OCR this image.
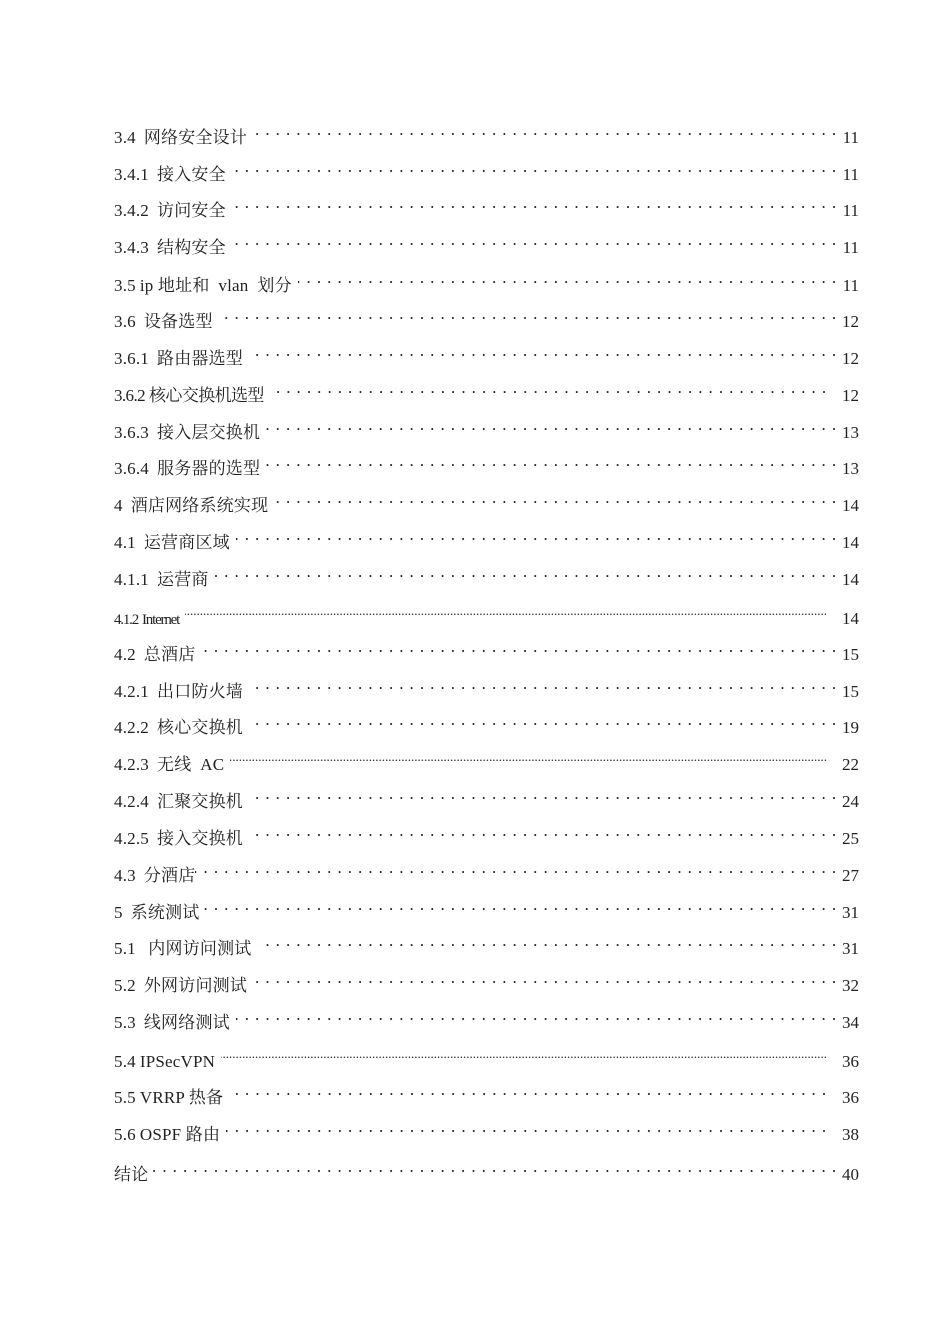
3.4 网络安全设计 . . .	11
3.4.1 接入安全 . . .	11
3.4.2 访问安全 . . .	11
3.4.3 结构安全 . . .	11
3.5 ip 地址和  vlan  划分 . . .	11
3.6 设备选型 . . .	12
3.6.1 路由器选型 . . .	12
3.6.2 核心交换机选型 . . .	12
3.6.3 接入层交换机 . . .	13
3.6.4 服务器的选型 . . .	13
4 酒店网络系统实现 . . .	14
4.1 运营商区域 . . .	14
4.1.1 运营商 . . .	14
4.1.2 Internet .....	14
4.2 总酒店 . . .	15
4.2.1 出口防火墙 . . .	15
4.2.2 核心交换机 . . .	19
4.2.3 无线  AC .....	22
4.2.4 汇聚交换机 . . .	24
4.2.5 接入交换机 . . .	25
4.3 分酒店 . . .	27
5 系统测试 . . .	31
5.1 内网访问测试 . . .	31
5.2 外网访问测试 . . .	32
5.3 线网络测试 . . .	34
5.4 IPSecVPN .....	36
5.5 VRRP 热备 . . .	36
5.6 OSPF 路由 . . .	38
结论 . . .	40
